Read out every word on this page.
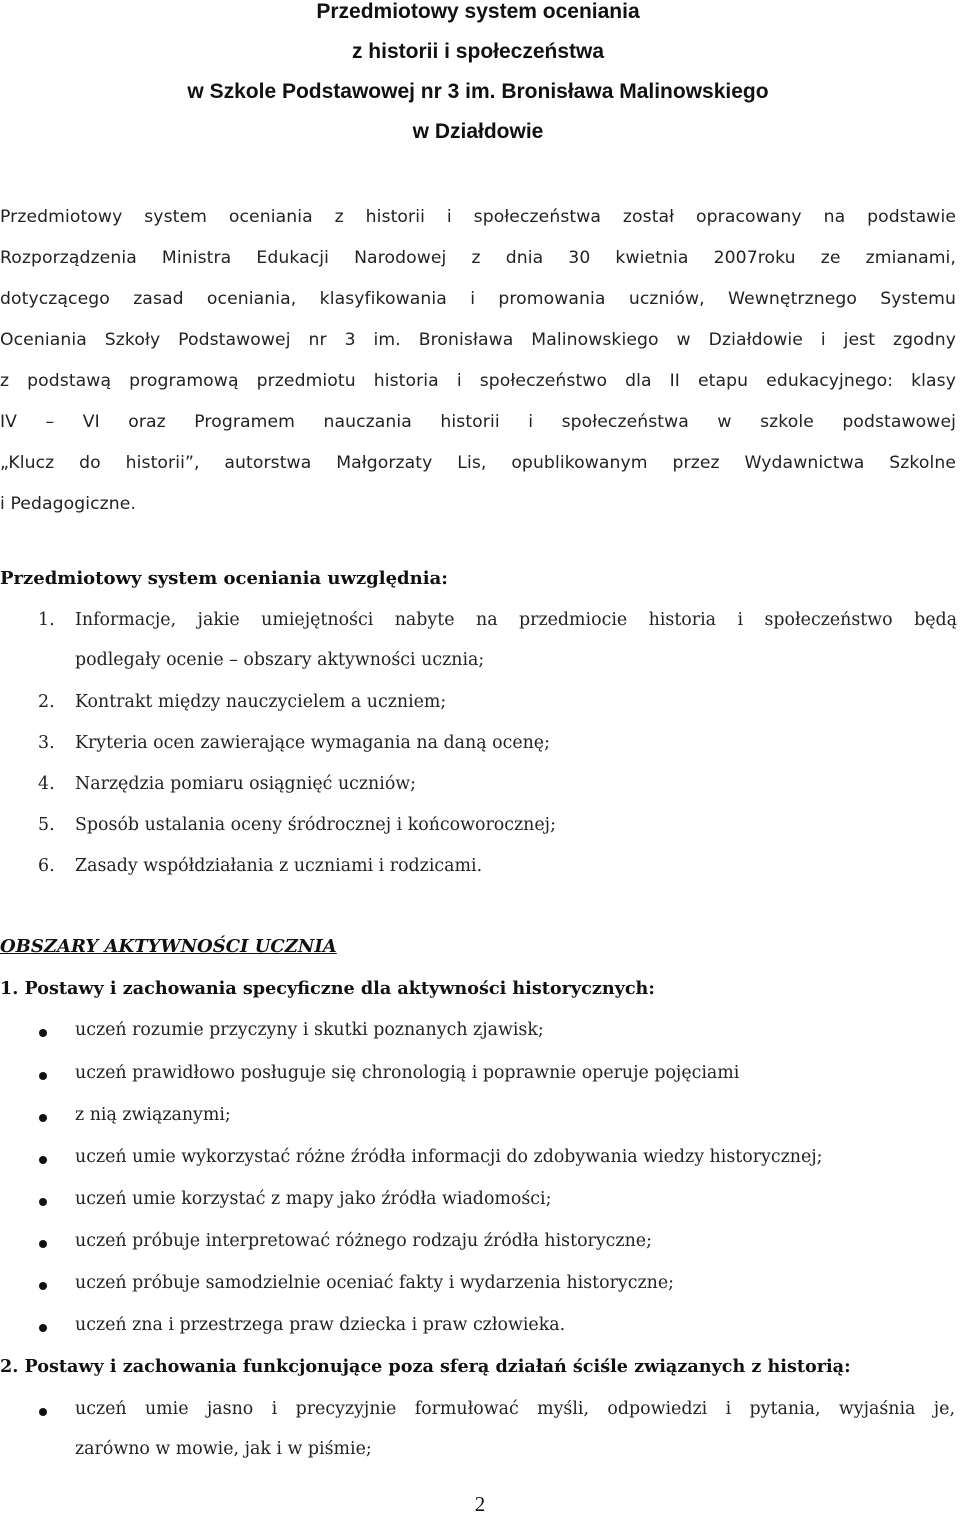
Przedmiotowy system oceniania
z historii i społeczeństwa
w Szkole Podstawowej nr 3 im. Bronisława Malinowskiego
w Działdowie
Przedmiotowy system oceniania z historii i społeczeństwa został opracowany na podstawie
Rozporządzenia Ministra Edukacji Narodowej z dnia 30 kwietnia 2007roku ze zmianami,
dotyczącego zasad oceniania, klasyfikowania i promowania uczniów, Wewnętrznego Systemu
Oceniania Szkoły Podstawowej nr 3 im. Bronisława Malinowskiego w Działdowie i jest zgodny
z podstawą programową przedmiotu historia i społeczeństwo dla II etapu edukacyjnego: klasy
IV – VI oraz Programem nauczania historii i społeczeństwa w szkole podstawowej
„Klucz do historii”, autorstwa Małgorzaty Lis, opublikowanym przez Wydawnictwa Szkolne
i Pedagogiczne.
Przedmiotowy system oceniania uwzględnia:
1. Informacje, jakie umiejętności nabyte na przedmiocie historia i społeczeństwo będą
podlegały ocenie – obszary aktywności ucznia;
2. Kontrakt między nauczycielem a uczniem;
3. Kryteria ocen zawierające wymagania na daną ocenę;
4. Narzędzia pomiaru osiągnięć uczniów;
5. Sposób ustalania oceny śródrocznej i końcoworocznej;
6. Zasady współdziałania z uczniami i rodzicami.
OBSZARY AKTYWNOŚCI UCZNIA
1. Postawy i zachowania specyficzne dla aktywności historycznych:
uczeń rozumie przyczyny i skutki poznanych zjawisk;
uczeń prawidłowo posługuje się chronologią i poprawnie operuje pojęciami
z nią związanymi;
uczeń umie wykorzystać różne źródła informacji do zdobywania wiedzy historycznej;
uczeń umie korzystać z mapy jako źródła wiadomości;
uczeń próbuje interpretować różnego rodzaju źródła historyczne;
uczeń próbuje samodzielnie oceniać fakty i wydarzenia historyczne;
uczeń zna i przestrzega praw dziecka i praw człowieka.
2. Postawy i zachowania funkcjonujące poza sferą działań ściśle związanych z historią:
uczeń umie jasno i precyzyjnie formułować myśli, odpowiedzi i pytania, wyjaśnia je,
zarówno w mowie, jak i w piśmie;
2
